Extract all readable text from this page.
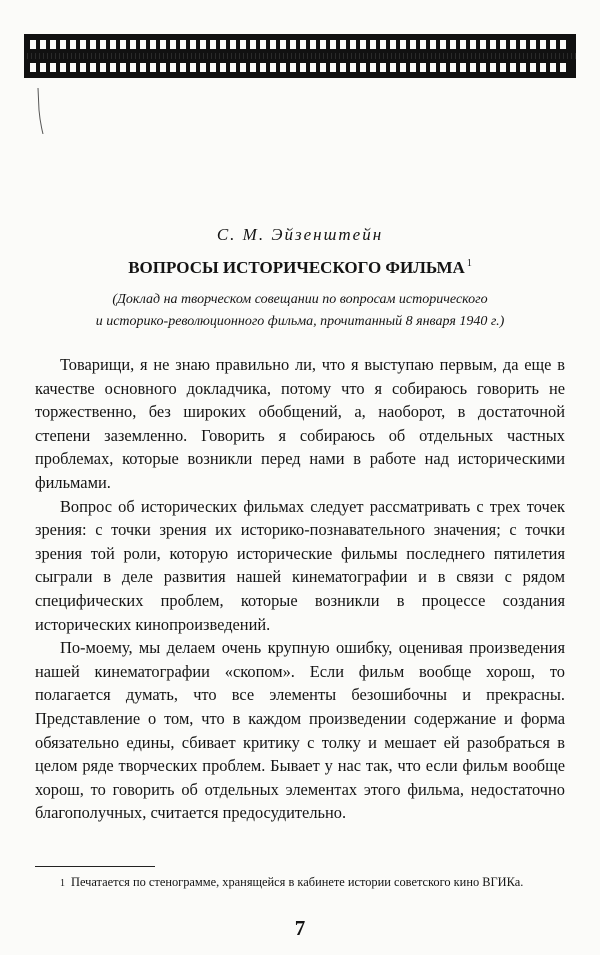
С. М. Эйзенштейн
ВОПРОСЫ ИСТОРИЧЕСКОГО ФИЛЬМА $^1$
(Доклад на творческом совещании по вопросам исторического
и историко-революционного фильма, прочитанный 8 января 1940 г.)

Товарищи, я не знаю правильно ли, что я выступаю первым, да еще в качестве основного докладчика, потому что я собираюсь говорить не торжественно, без широких обобщений, а, наоборот, в достаточной степени заземленно. Говорить я собираюсь об отдельных частных проблемах, которые возникли перед нами в работе над историческими фильмами.

Вопрос об исторических фильмах следует рассматривать с трех точек зрения: с точки зрения их историко-познавательного значения; с точки зрения той роли, которую исторические фильмы последнего пятилетия сыграли в деле развития нашей кинематографии и в связи с рядом специфических проблем, которые возникли в процессе создания исторических кинопроизведений.

По-моему, мы делаем очень крупную ошибку, оценивая произведения нашей кинематографии «скопом». Если фильм вообще хорош, то полагается думать, что все элементы безошибочны и прекрасны. Представление о том, что в каждом произведении содержание и форма обязательно едины, сбивает критику с толку и мешает ей разобраться в целом ряде творческих проблем. Бывает у нас так, что если фильм вообще хорош, то говорить об отдельных элементах этого фильма, недостаточно благополучных, считается предосудительно.

1 Печатается по стенограмме, хранящейся в кабинете истории советского кино ВГИКа.
7
